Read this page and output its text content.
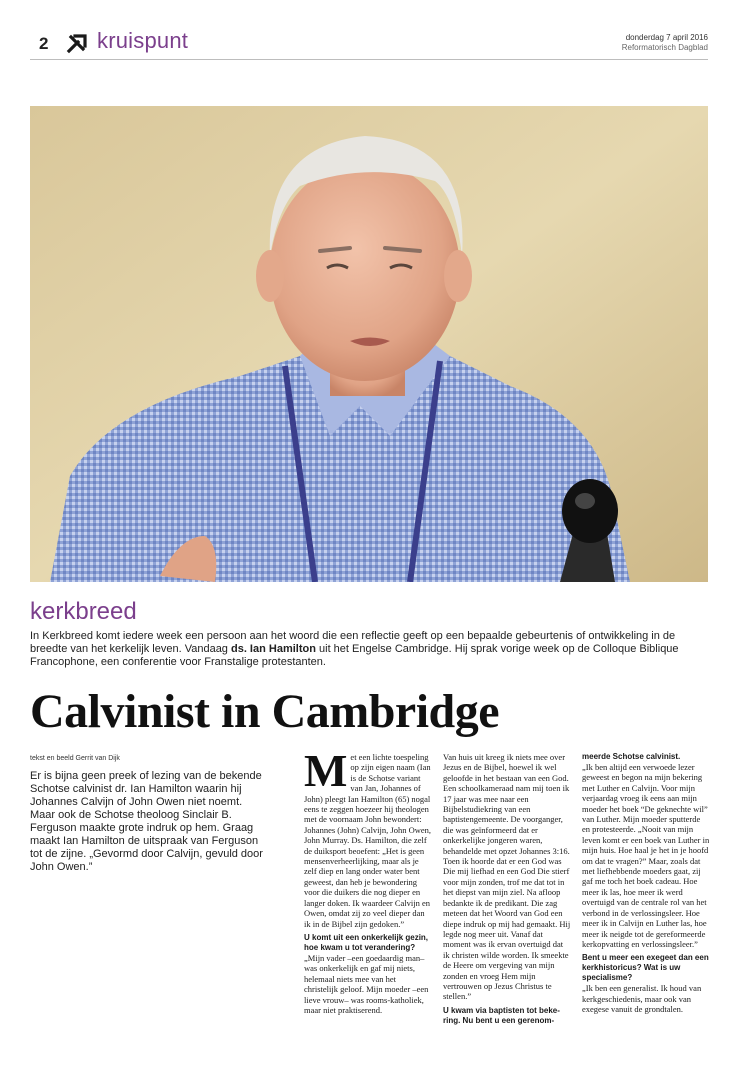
2 kruispunt	donderdag 7 april 2016
Reformatorisch Dagblad
kerkbreed

In Kerkbreed komt iedere week een persoon aan het woord die een reflectie geeft op een bepaalde gebeurtenis of ontwikkeling in de breedte van het kerkelijk leven. Vandaag ds. Ian Hamilton uit het Engelse Cambridge. Hij sprak vorige week op de Colloque Biblique Francophone, een conferentie voor Franstalige protestanten.

Calvinist in Cambridge
tekst en beeld Gerrit van Dijk

Er is bijna geen preek of lezing van de bekende Schotse calvinist dr. Ian Hamilton waarin hij Johannes Calvijn of John Owen niet noemt. Maar ook de Schotse theoloog Sinclair B. Ferguson maakte grote indruk op hem. Graag maakt Ian Hamilton de uitspraak van Ferguson tot de zijne. „Gevormd door Calvijn, gevuld door John Owen.”

M et een lichte toespeling op zijn eigen naam (Ian is de Schotse variant van Jan, Johannes of John) pleegt Ian Hamilton (65) nogal eens te zeggen hoezeer hij theologen met de voornaam John bewondert: Johannes (John) Calvijn, John Owen, John Murray. Ds. Hamilton, die zelf de duiksport beoefent: „Het is geen mensenverheerlijking, maar als je zelf diep en lang onder water bent geweest, dan heb je bewondering voor die duikers die nog dieper en langer doken. Ik waardeer Calvijn en Owen, omdat zij zo veel dieper dan ik in de Bijbel zijn gedoken.”

U komt uit een onkerkelijk gezin, hoe kwam u tot verandering?

„Mijn vader –een goedaardig man– was onkerkelijk en gaf mij niets, helemaal niets mee van het christelijk geloof. Mijn moeder –een lieve vrouw– was rooms-katholiek, maar niet praktiserend.

Van huis uit kreeg ik niets mee over Jezus en de Bijbel, hoewel ik wel geloofde in het bestaan van een God. Een schoolkameraad nam mij toen ik 17 jaar was mee naar een Bijbelstudiekring van een baptistengemeente. De voorganger, die was geïnformeerd dat er onkerkelijke jongeren waren, behandelde met opzet Johannes 3:16. Toen ik hoorde dat er een God was Die mij liefhad en een God Die stierf voor mijn zonden, trof me dat tot in het diepst van mijn ziel. Na afloop bedankte ik de predikant. Die zag meteen dat het Woord van God een diepe indruk op mij had gemaakt. Hij legde nog meer uit. Vanaf dat moment was ik ervan overtuigd dat ik christen wilde worden. Ik smeekte de Heere om vergeving van mijn zonden en vroeg Hem mijn vertrouwen op Jezus Christus te stellen.”

U kwam via baptisten tot bekering. Nu bent u een gerenom-

meerde Schotse calvinist.

„Ik ben altijd een verwoede lezer geweest en begon na mijn bekering met Luther en Calvijn. Voor mijn verjaardag vroeg ik eens aan mijn moeder het boek “De geknechte wil” van Luther. Mijn moeder sputterde en protesteerde. „Nooit van mijn leven komt er een boek van Luther in mijn huis. Hoe haal je het in je hoofd om dat te vragen?” Maar, zoals dat met liefhebbende moeders gaat, zij gaf me toch het boek cadeau. Hoe meer ik las, hoe meer ik werd overtuigd van de centrale rol van het verbond in de verlossingsleer. Hoe meer ik in Calvijn en Luther las, hoe meer ik neigde tot de gereformeerde kerkopvatting en verlossingsleer.”

Bent u meer een exegeet dan een kerkhistoricus? Wat is uw specialisme?

„Ik ben een generalist. Ik houd van kerkgeschiedenis, maar ook van exegese vanuit de grondtalen.
